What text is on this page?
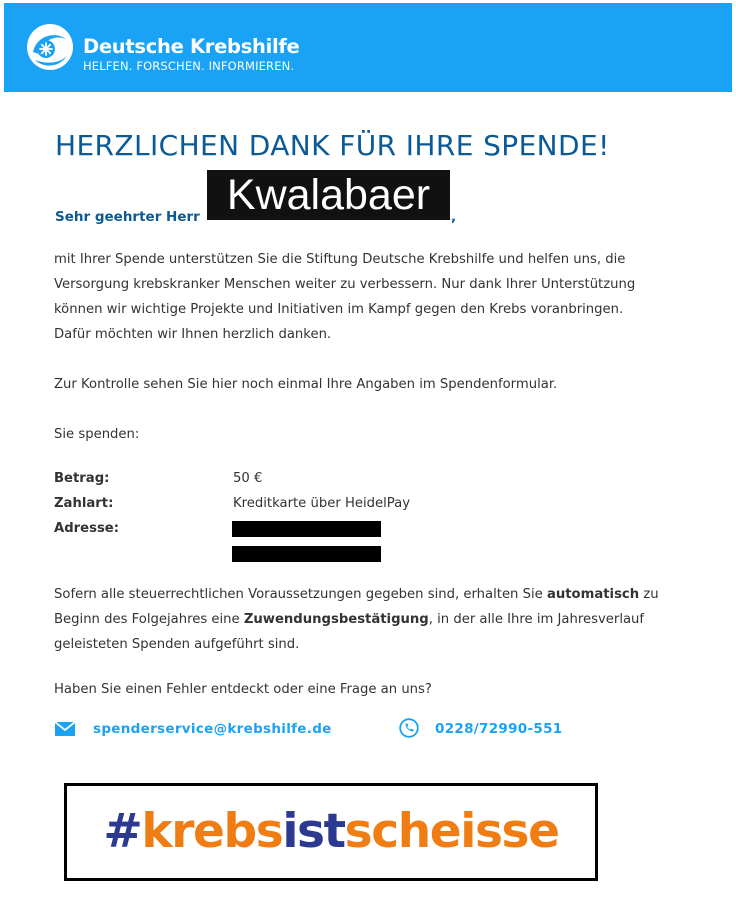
Deutsche Krebshilfe
HELFEN. FORSCHEN. INFORMIEREN.
HERZLICHEN DANK FÜR IHRE SPENDE!
Sehr geehrter Herr Kwalabaer	,
mit Ihrer Spende unterstützen Sie die Stiftung Deutsche Krebshilfe und helfen uns, die
Versorgung krebskranker Menschen weiter zu verbessern. Nur dank Ihrer Unterstützung
können wir wichtige Projekte und Initiativen im Kampf gegen den Krebs voranbringen.
Dafür möchten wir Ihnen herzlich danken.
Zur Kontrolle sehen Sie hier noch einmal Ihre Angaben im Spendenformular.
Sie spenden:
Betrag:	50 €
Zahlart:	Kreditkarte über HeidelPay
Adresse:
Sofern alle steuerrechtlichen Voraussetzungen gegeben sind, erhalten Sie automatisch zu
Beginn des Folgejahres eine Zuwendungsbestätigung, in der alle Ihre im Jahresverlauf
geleisteten Spenden aufgeführt sind.
Haben Sie einen Fehler entdeckt oder eine Frage an uns?
spenderservice@krebshilfe.de	0228/72990-551
#krebsistscheisse
